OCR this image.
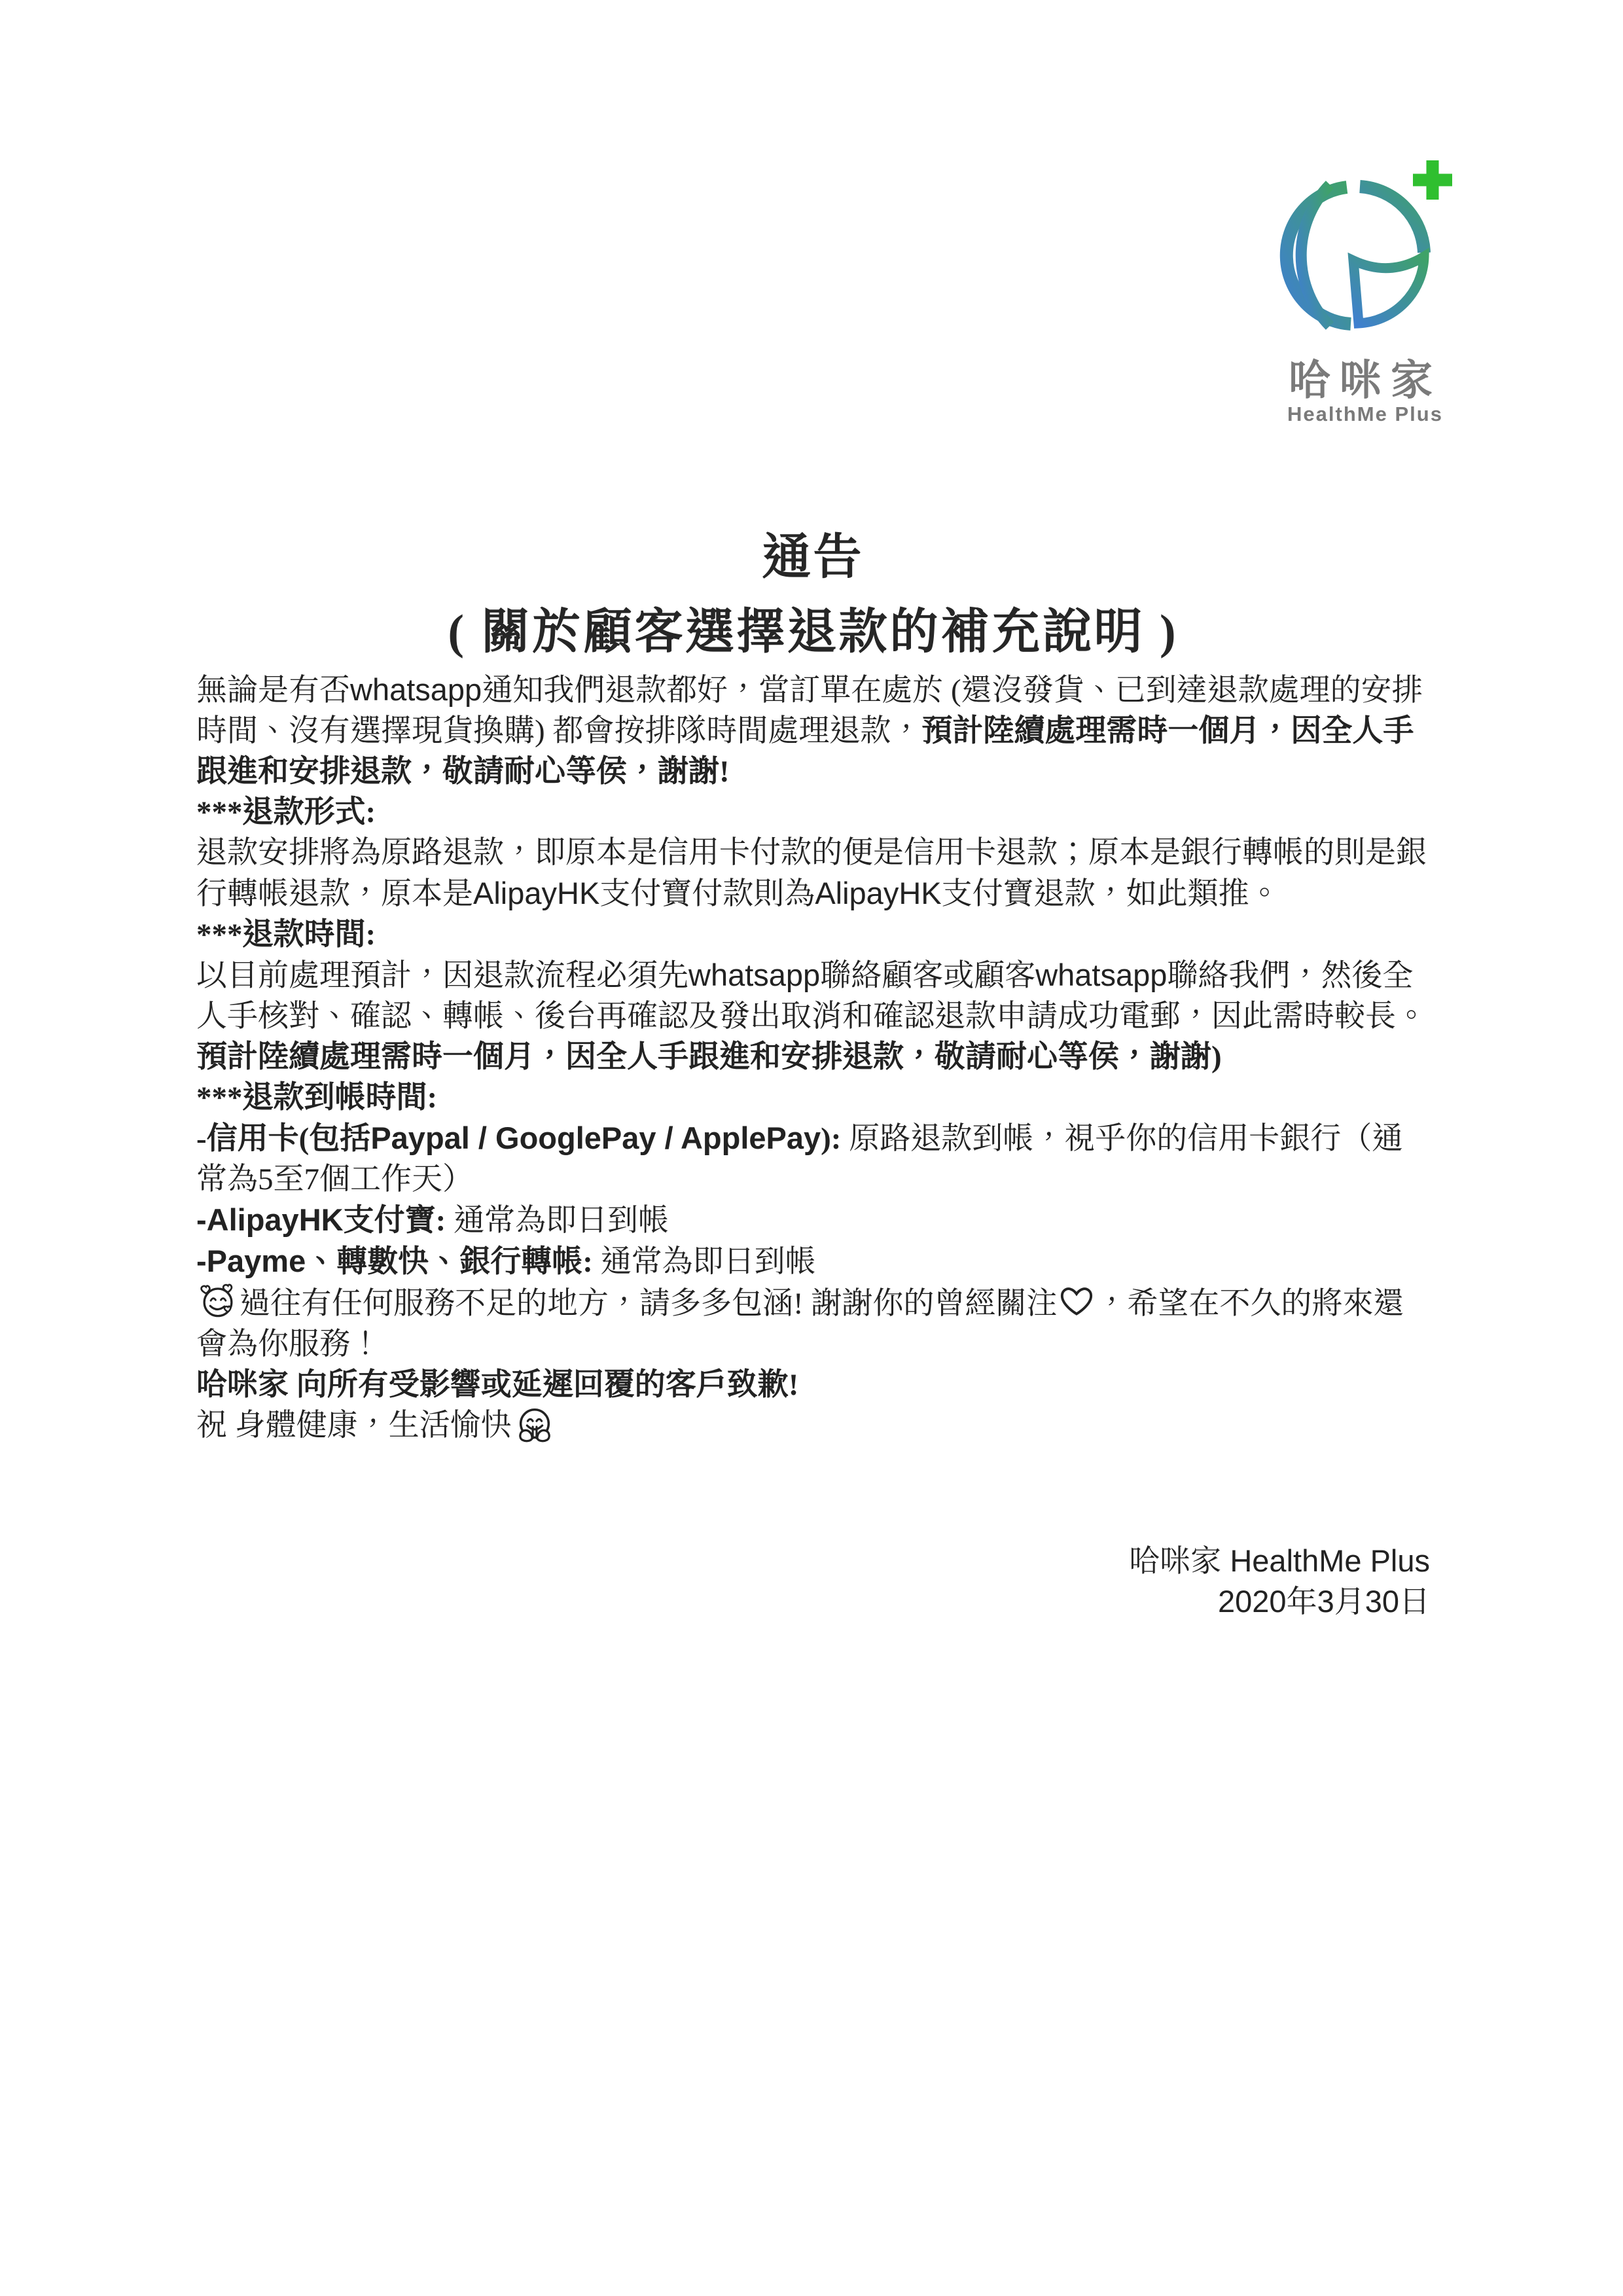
哈咪家
HealthMe Plus
通告
( 關於顧客選擇退款的補充說明 )

無論是有否whatsapp通知我們退款都好，當訂單在處於 (還沒發貨、已到達退款處理的安排時間、沒有選擇現貨換購) 都會按排隊時間處理退款，預計陸續處理需時一個月，因全人手跟進和安排退款，敬請耐心等侯，謝謝!

***退款形式:

退款安排將為原路退款，即原本是信用卡付款的便是信用卡退款；原本是銀行轉帳的則是銀行轉帳退款，原本是AlipayHK支付寶付款則為AlipayHK支付寶退款，如此類推。

***退款時間:

以目前處理預計，因退款流程必須先whatsapp聯絡顧客或顧客whatsapp聯絡我們，然後全人手核對、確認、轉帳、後台再確認及發出取消和確認退款申請成功電郵，因此需時較長。預計陸續處理需時一個月，因全人手跟進和安排退款，敬請耐心等侯，謝謝)

***退款到帳時間:

-信用卡(包括Paypal / GooglePay / ApplePay): 原路退款到帳，視乎你的信用卡銀行（通常為5至7個工作天）

-AlipayHK支付寶: 通常為即日到帳

-Payme、轉數快、銀行轉帳: 通常為即日到帳

過往有任何服務不足的地方，請多多包涵! 謝謝你的曾經關注 ，希望在不久的將來還會為你服務！

哈咪家 向所有受影響或延遲回覆的客戶致歉!

祝 身體健康，生活愉快

哈咪家 HealthMe Plus
2020年3月30日
